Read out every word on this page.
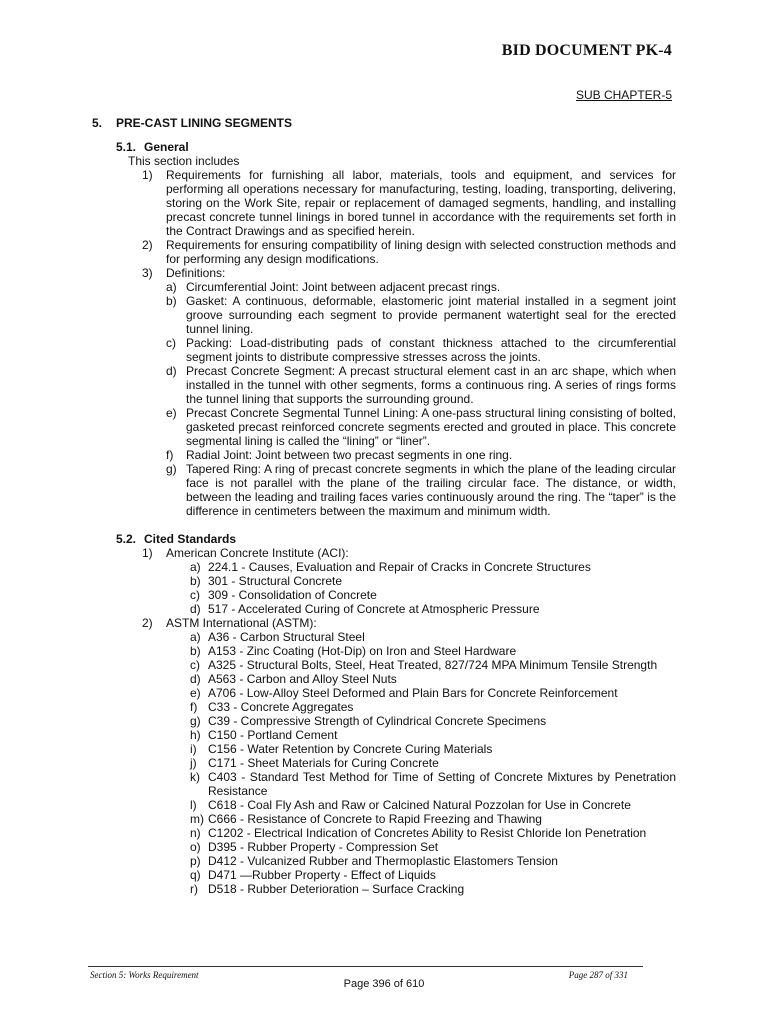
BID DOCUMENT PK-4
SUB CHAPTER-5
5.	PRE-CAST LINING SEGMENTS
5.1. General
This section includes
1) Requirements for furnishing all labor, materials, tools and equipment, and services for performing all operations necessary for manufacturing, testing, loading, transporting, delivering, storing on the Work Site, repair or replacement of damaged segments, handling, and installing precast concrete tunnel linings in bored tunnel in accordance with the requirements set forth in the Contract Drawings and as specified herein.
2) Requirements for ensuring compatibility of lining design with selected construction methods and for performing any design modifications.
3) Definitions:
a) Circumferential Joint: Joint between adjacent precast rings.
b) Gasket: A continuous, deformable, elastomeric joint material installed in a segment joint groove surrounding each segment to provide permanent watertight seal for the erected tunnel lining.
c) Packing: Load-distributing pads of constant thickness attached to the circumferential segment joints to distribute compressive stresses across the joints.
d) Precast Concrete Segment: A precast structural element cast in an arc shape, which when installed in the tunnel with other segments, forms a continuous ring. A series of rings forms the tunnel lining that supports the surrounding ground.
e) Precast Concrete Segmental Tunnel Lining: A one-pass structural lining consisting of bolted, gasketed precast reinforced concrete segments erected and grouted in place. This concrete segmental lining is called the “lining” or “liner”.
f) Radial Joint: Joint between two precast segments in one ring.
g) Tapered Ring: A ring of precast concrete segments in which the plane of the leading circular face is not parallel with the plane of the trailing circular face. The distance, or width, between the leading and trailing faces varies continuously around the ring. The “taper” is the difference in centimeters between the maximum and minimum width.
5.2. Cited Standards
1) American Concrete Institute (ACI):
a) 224.1 - Causes, Evaluation and Repair of Cracks in Concrete Structures
b) 301 - Structural Concrete
c) 309 - Consolidation of Concrete
d) 517 - Accelerated Curing of Concrete at Atmospheric Pressure
2) ASTM International (ASTM):
a) A36 - Carbon Structural Steel
b) A153 - Zinc Coating (Hot-Dip) on Iron and Steel Hardware
c) A325 - Structural Bolts, Steel, Heat Treated, 827/724 MPA Minimum Tensile Strength
d) A563 - Carbon and Alloy Steel Nuts
e) A706 - Low-Alloy Steel Deformed and Plain Bars for Concrete Reinforcement
f) C33 - Concrete Aggregates
g) C39 - Compressive Strength of Cylindrical Concrete Specimens
h) C150 - Portland Cement
i) C156 - Water Retention by Concrete Curing Materials
j) C171 - Sheet Materials for Curing Concrete
k) C403 - Standard Test Method for Time of Setting of Concrete Mixtures by Penetration Resistance
l) C618 - Coal Fly Ash and Raw or Calcined Natural Pozzolan for Use in Concrete
m) C666 - Resistance of Concrete to Rapid Freezing and Thawing
n) C1202 - Electrical Indication of Concretes Ability to Resist Chloride Ion Penetration
o) D395 - Rubber Property - Compression Set
p) D412 - Vulcanized Rubber and Thermoplastic Elastomers Tension
q) D471 —Rubber Property - Effect of Liquids
r) D518 - Rubber Deterioration – Surface Cracking
Section 5: Works Requirement	Page 287 of 331
Page 396 of 610
